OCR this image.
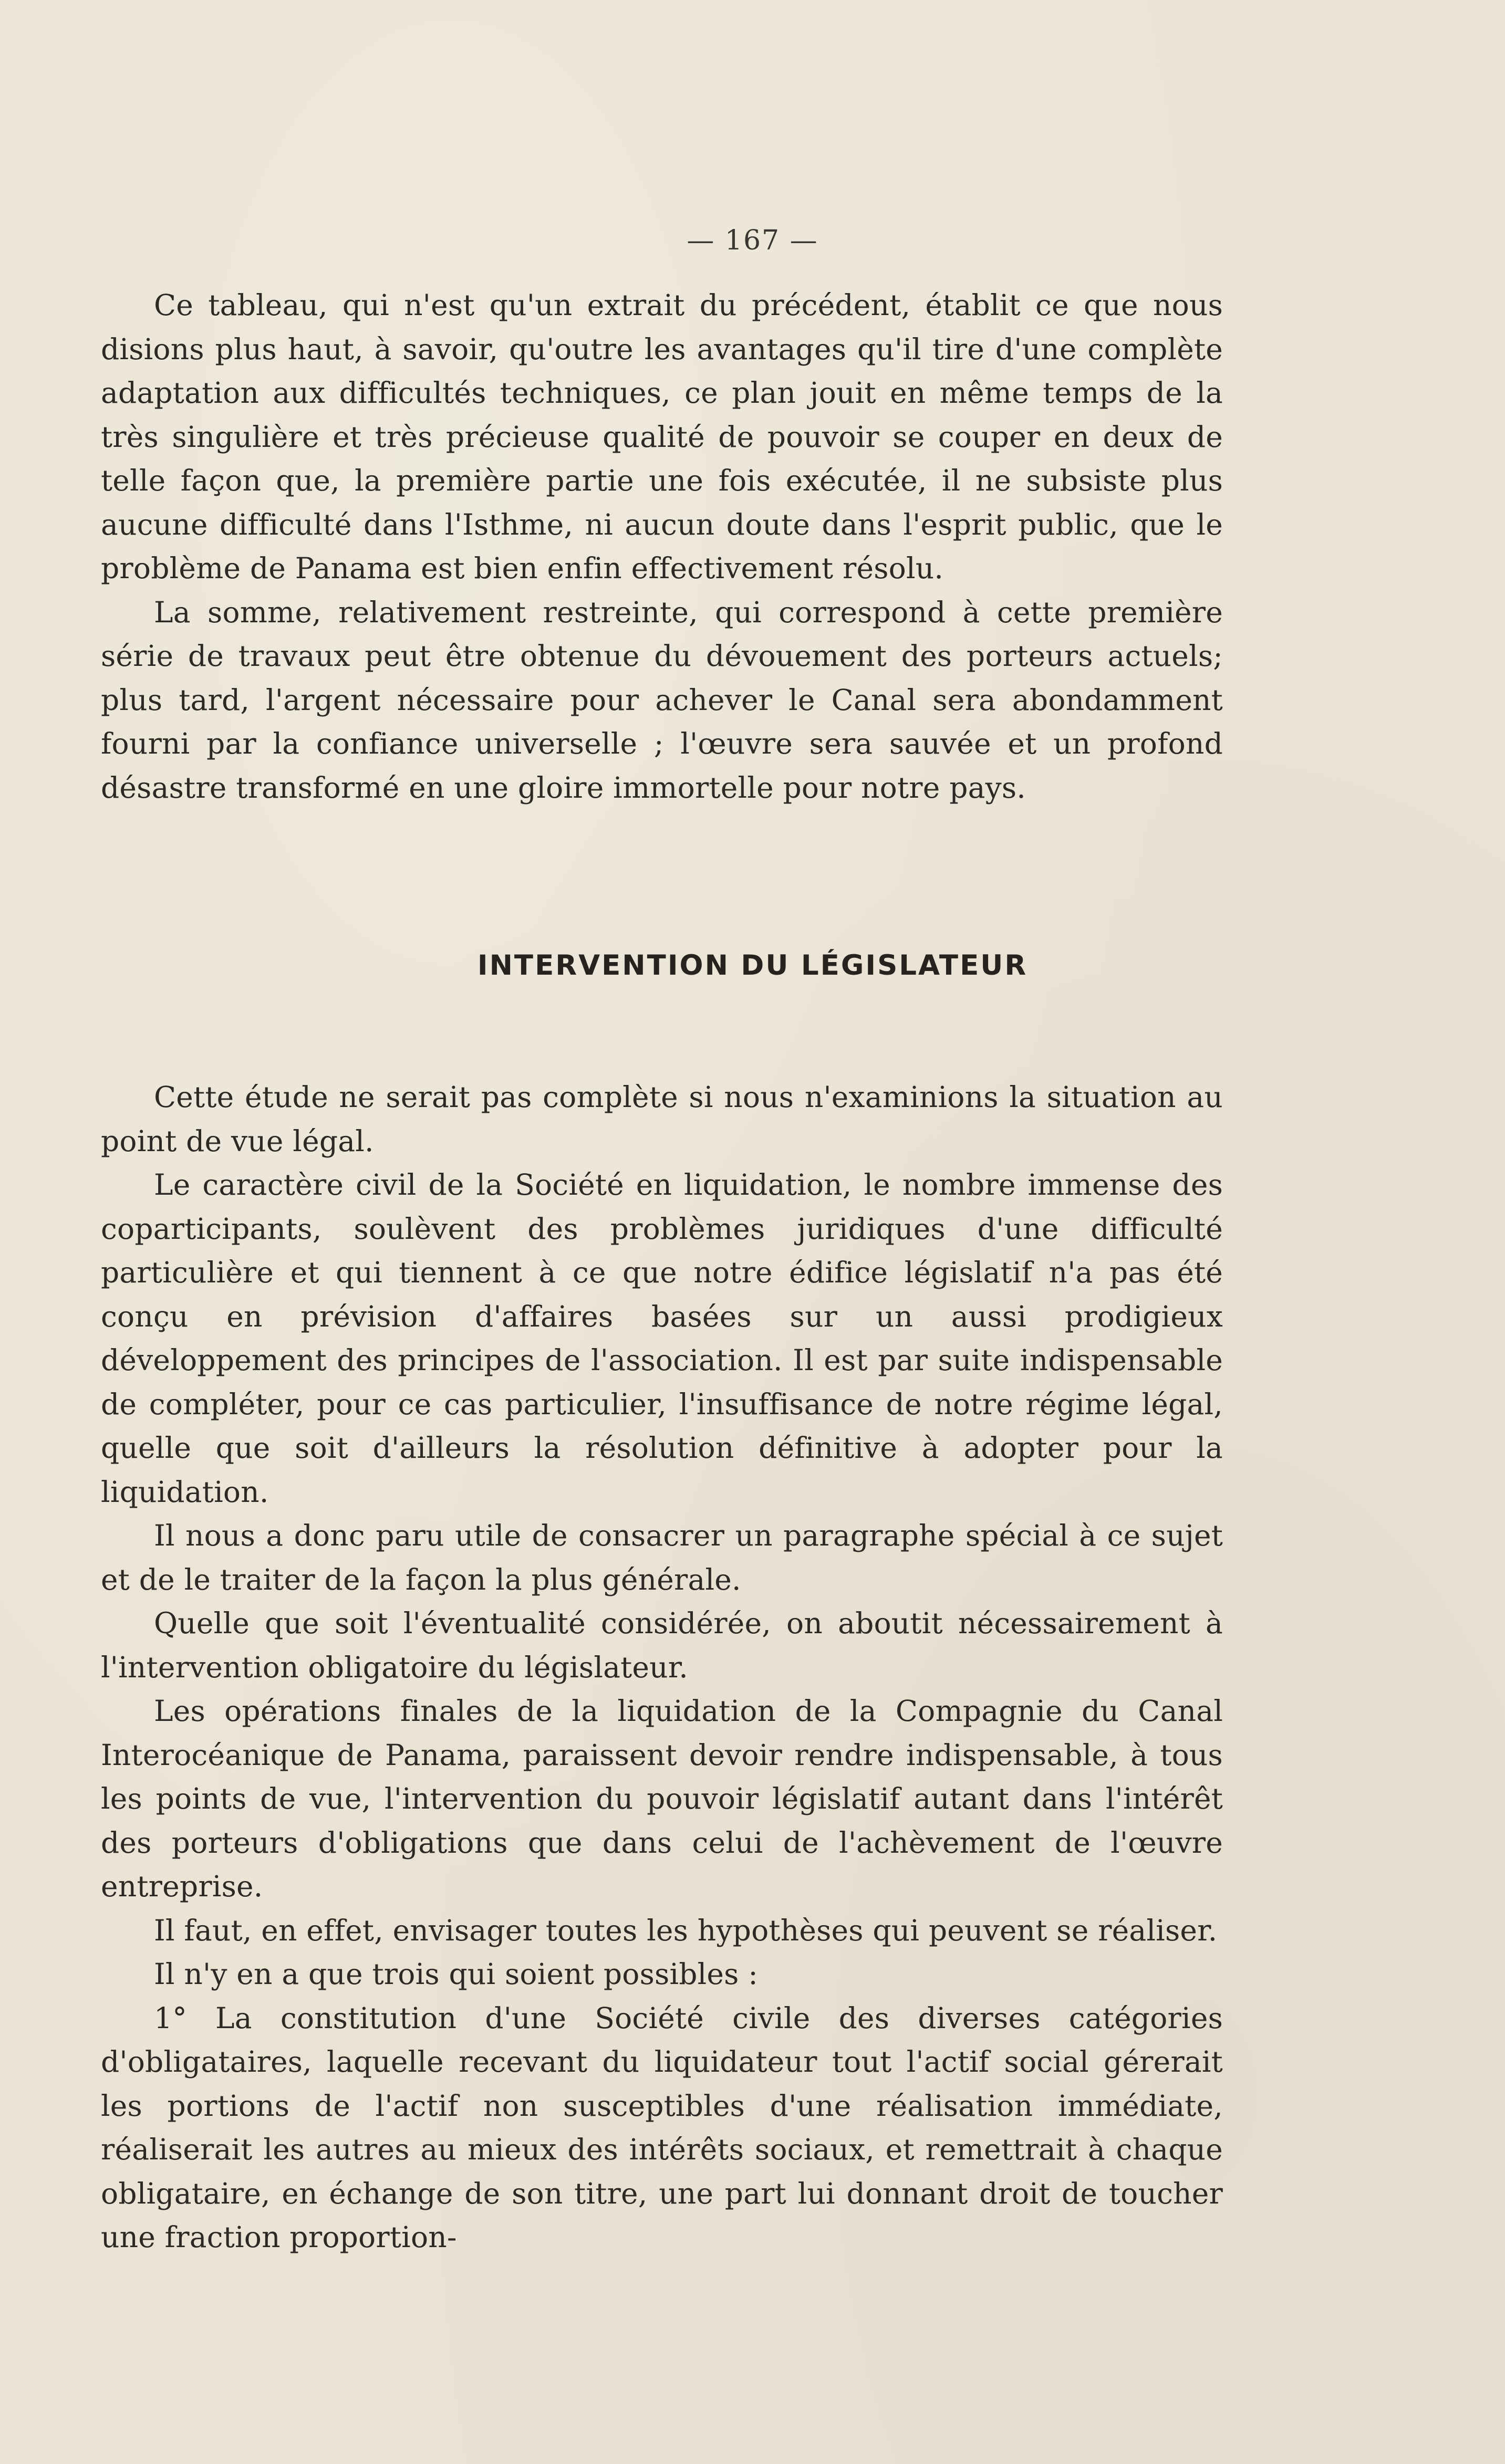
— 167 —

Ce tableau, qui n'est qu'un extrait du précédent, établit ce que nous disions plus haut, à savoir, qu'outre les avantages qu'il tire d'une complète adaptation aux difficultés techniques, ce plan jouit en même temps de la très singulière et très précieuse qualité de pouvoir se couper en deux de telle façon que, la première partie une fois exécutée, il ne subsiste plus aucune difficulté dans l'Isthme, ni aucun doute dans l'esprit public, que le problème de Panama est bien enfin effectivement résolu.

La somme, relativement restreinte, qui correspond à cette première série de travaux peut être obtenue du dévouement des porteurs actuels; plus tard, l'argent nécessaire pour achever le Canal sera abondamment fourni par la confiance universelle ; l'œuvre sera sauvée et un profond désastre transformé en une gloire immortelle pour notre pays.

INTERVENTION DU LÉGISLATEUR

Cette étude ne serait pas complète si nous n'examinions la situation au point de vue légal.

Le caractère civil de la Société en liquidation, le nombre immense des coparticipants, soulèvent des problèmes juridiques d'une difficulté particulière et qui tiennent à ce que notre édifice législatif n'a pas été conçu en prévision d'affaires basées sur un aussi prodigieux développement des principes de l'association. Il est par suite indispensable de compléter, pour ce cas particulier, l'insuffisance de notre régime légal, quelle que soit d'ailleurs la résolution définitive à adopter pour la liquidation.

Il nous a donc paru utile de consacrer un paragraphe spécial à ce sujet et de le traiter de la façon la plus générale.

Quelle que soit l'éventualité considérée, on aboutit nécessairement à l'intervention obligatoire du législateur.

Les opérations finales de la liquidation de la Compagnie du Canal Interocéanique de Panama, paraissent devoir rendre indispensable, à tous les points de vue, l'intervention du pouvoir législatif autant dans l'intérêt des porteurs d'obligations que dans celui de l'achèvement de l'œuvre entreprise.

Il faut, en effet, envisager toutes les hypothèses qui peuvent se réaliser.

Il n'y en a que trois qui soient possibles :

1° La constitution d'une Société civile des diverses catégories d'obligataires, laquelle recevant du liquidateur tout l'actif social gérerait les portions de l'actif non susceptibles d'une réalisation immédiate, réaliserait les autres au mieux des intérêts sociaux, et remettrait à chaque obligataire, en échange de son titre, une part lui donnant droit de toucher une fraction proportion-
